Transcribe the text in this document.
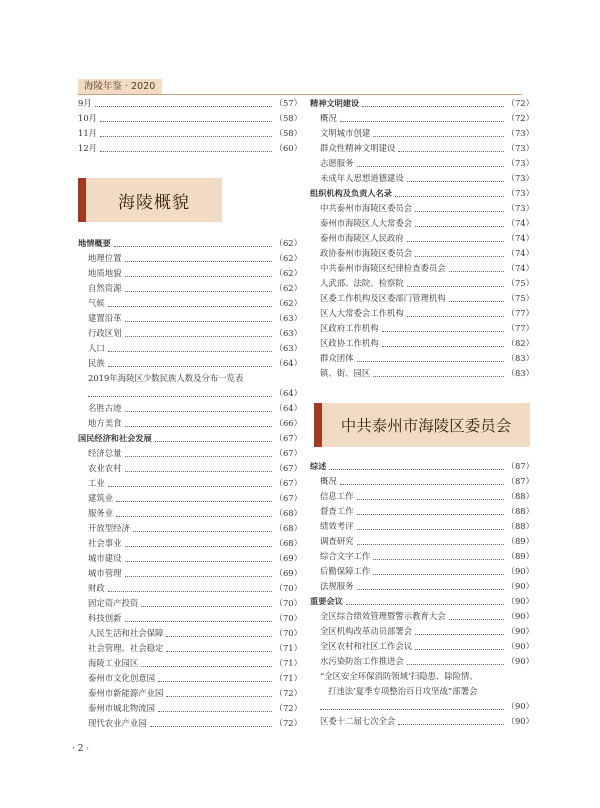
海陵年鉴 · 2020
9月	（57）
10月	（58）
11月	（58）
12月	（60）
海陵概貌
地情概要	（62）
地理位置	（62）
地质地貌	（62）
自然资源	（62）
气候	（62）
建置沿革	（63）
行政区划	（63）
人口	（63）
民族	（64）
2019年海陵区少数民族人数及分布一览表
（64）
名胜古迹	（64）
地方美食	（66）
国民经济和社会发展	（67）
经济总量	（67）
农业农村	（67）
工业	（67）
建筑业	（67）
服务业	（68）
开放型经济	（68）
社会事业	（68）
城市建设	（69）
城市管理	（69）
财政	（70）
固定资产投资	（70）
科技创新	（70）
人民生活和社会保障	（70）
社会管理、社会稳定	（71）
海陵工业园区	（71）
泰州市文化创意园	（71）
泰州市新能源产业园	（72）
泰州市城北物流园	（72）
现代农业产业园	（72）
精神文明建设	（72）
概况	（72）
文明城市创建	（73）
群众性精神文明建设	（73）
志愿服务	（73）
未成年人思想道德建设	（73）
组织机构及负责人名录	（73）
中共泰州市海陵区委员会	（73）
泰州市海陵区人大常委会	（74）
泰州市海陵区人民政府	（74）
政协泰州市海陵区委员会	（74）
中共泰州市海陵区纪律检查委员会	（74）
人武部、法院、检察院	（75）
区委工作机构及区委部门管理机构	（75）
区人大常委会工作机构	（77）
区政府工作机构	（77）
区政协工作机构	（82）
群众团体	（83）
镇、街、园区	（83）
中共泰州市海陵区委员会
综述	（87）
概况	（87）
信息工作	（88）
督查工作	（88）
绩效考评	（88）
调查研究	（89）
综合文字工作	（89）
后勤保障工作	（90）
法规服务	（90）
重要会议	（90）
全区综合绩效管理暨警示教育大会	（90）
全区机构改革动员部署会	（90）
全区农村和社区工作会议	（90）
水污染防治工作推进会	（90）
“全区安全环保消防领域‘扫隐患、除险情、
打违法’夏季专项整治百日攻坚战”部署会
（90）
区委十二届七次全会	（90）
· 2 ·
